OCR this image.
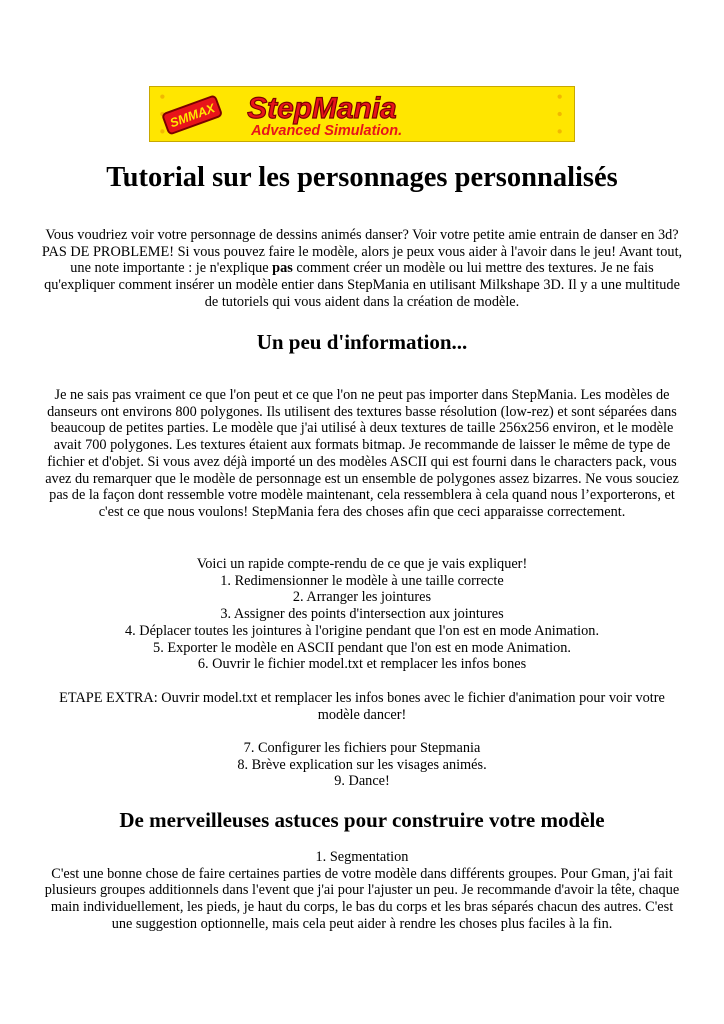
SMMAX StepMania
Advanced Simulation.
Tutorial sur les personnages personnalisés

Vous voudriez voir votre personnage de dessins animés danser? Voir votre petite amie entrain de danser en 3d? PAS DE PROBLEME! Si vous pouvez faire le modèle, alors je peux vous aider à l'avoir dans le jeu! Avant tout, une note importante : je n'explique pas comment créer un modèle ou lui mettre des textures. Je ne fais qu'expliquer comment insérer un modèle entier dans StepMania en utilisant Milkshape 3D. Il y a une multitude de tutoriels qui vous aident dans la création de modèle.

Un peu d'information...

Je ne sais pas vraiment ce que l'on peut et ce que l'on ne peut pas importer dans StepMania. Les modèles de danseurs ont environs 800 polygones. Ils utilisent des textures basse résolution (low-rez) et sont séparées dans beaucoup de petites parties. Le modèle que j'ai utilisé à deux textures de taille 256x256 environ, et le modèle avait 700 polygones. Les textures étaient aux formats bitmap. Je recommande de laisser le même de type de fichier et d'objet. Si vous avez déjà importé un des modèles ASCII qui est fourni dans le characters pack, vous avez du remarquer que le modèle de personnage est un ensemble de polygones assez bizarres. Ne vous souciez pas de la façon dont ressemble votre modèle maintenant, cela ressemblera à cela quand nous l’exporterons, et c'est ce que nous voulons! StepMania fera des choses afin que ceci apparaisse correctement.

Voici un rapide compte-rendu de ce que je vais expliquer!
1. Redimensionner le modèle à une taille correcte
2. Arranger les jointures
3. Assigner des points d'intersection aux jointures
4. Déplacer toutes les jointures à l'origine pendant que l'on est en mode Animation.
5. Exporter le modèle en ASCII pendant que l'on est en mode Animation.
6. Ouvrir le fichier model.txt et remplacer les infos bones

ETAPE EXTRA: Ouvrir model.txt et remplacer les infos bones avec le fichier d'animation pour voir votre modèle dancer!

7. Configurer les fichiers pour Stepmania
8. Brève explication sur les visages animés.
9. Dance!
De merveilleuses astuces pour construire votre modèle
1. Segmentation
C'est une bonne chose de faire certaines parties de votre modèle dans différents groupes. Pour Gman, j'ai fait plusieurs groupes additionnels dans l'event que j'ai pour l'ajuster un peu. Je recommande d'avoir la tête, chaque main individuellement, les pieds, je haut du corps, le bas du corps et les bras séparés chacun des autres. C'est une suggestion optionnelle, mais cela peut aider à rendre les choses plus faciles à la fin.
